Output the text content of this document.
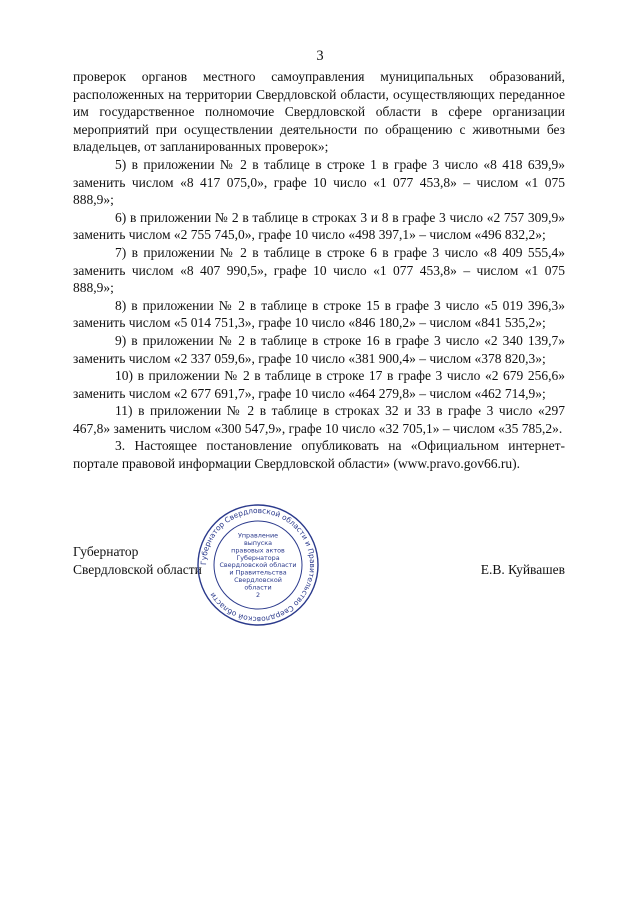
3

проверок органов местного самоуправления муниципальных образований, расположенных на территории Свердловской области, осуществляющих переданное им государственное полномочие Свердловской области в сфере организации мероприятий при осуществлении деятельности по обращению с животными без владельцев, от запланированных проверок»;

5) в приложении № 2 в таблице в строке 1 в графе 3 число «8 418 639,9» заменить числом «8 417 075,0», графе 10 число «1 077 453,8» – числом «1 075 888,9»;

6) в приложении № 2 в таблице в строках 3 и 8 в графе 3 число «2 757 309,9» заменить числом «2 755 745,0», графе 10 число «498 397,1» – числом «496 832,2»;

7) в приложении № 2 в таблице в строке 6 в графе 3 число «8 409 555,4» заменить числом «8 407 990,5», графе 10 число «1 077 453,8» – числом «1 075 888,9»;

8) в приложении № 2 в таблице в строке 15 в графе 3 число «5 019 396,3» заменить числом «5 014 751,3», графе 10 число «846 180,2» – числом «841 535,2»;

9) в приложении № 2 в таблице в строке 16 в графе 3 число «2 340 139,7» заменить числом «2 337 059,6», графе 10 число «381 900,4» – числом «378 820,3»;

10) в приложении № 2 в таблице в строке 17 в графе 3 число «2 679 256,6» заменить числом «2 677 691,7», графе 10 число «464 279,8» – числом «462 714,9»;

11) в приложении № 2 в таблице в строках 32 и 33 в графе 3 число «297 467,8» заменить числом «300 547,9», графе 10 число «32 705,1» – числом «35 785,2».

3. Настоящее постановление опубликовать на «Официальном интернет-портале правовой информации Свердловской области» (www.pravo.gov66.ru).

Губернатор
Свердловской области	Е.В. Куйвашев
Губернатор Свердловской области и Правительство Свердловской области
Управление
выпуска
правовых актов
Губернатора
Свердловской области
и Правительства
Свердловской
области
2
